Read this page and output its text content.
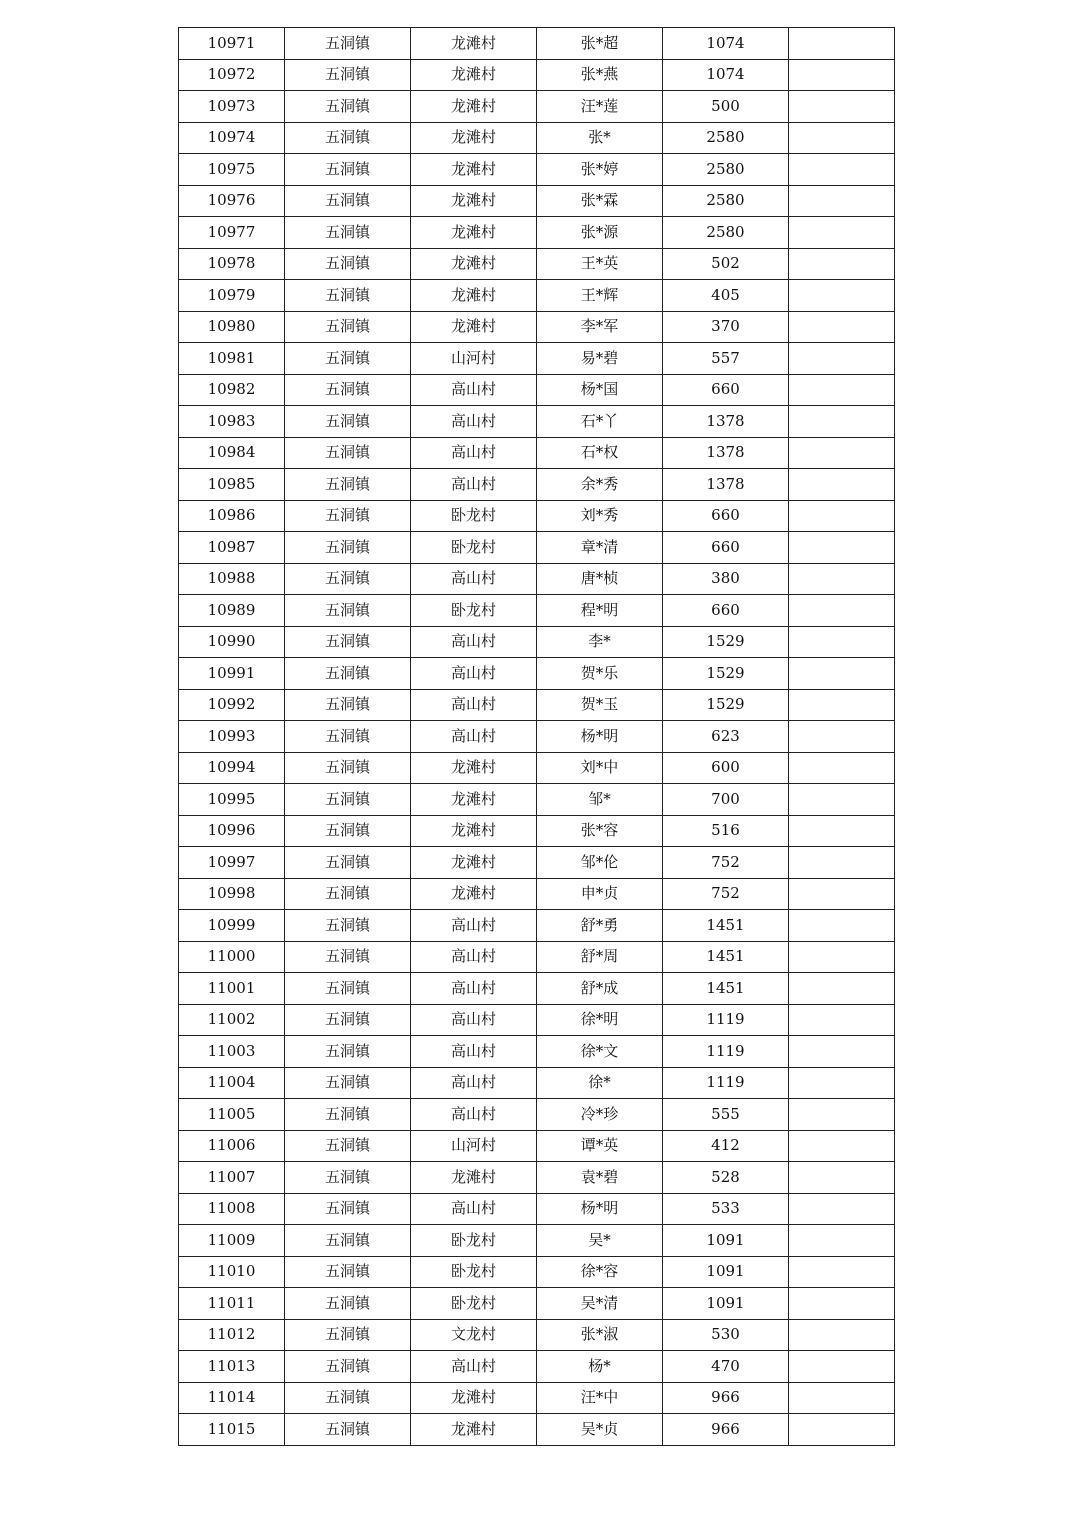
10971	五洞镇	龙滩村	张*超	1074	
10972	五洞镇	龙滩村	张*燕	1074	
10973	五洞镇	龙滩村	汪*莲	500	
10974	五洞镇	龙滩村	张*	2580	
10975	五洞镇	龙滩村	张*婷	2580	
10976	五洞镇	龙滩村	张*霖	2580	
10977	五洞镇	龙滩村	张*源	2580	
10978	五洞镇	龙滩村	王*英	502	
10979	五洞镇	龙滩村	王*辉	405	
10980	五洞镇	龙滩村	李*军	370	
10981	五洞镇	山河村	易*碧	557	
10982	五洞镇	高山村	杨*国	660	
10983	五洞镇	高山村	石*丫	1378	
10984	五洞镇	高山村	石*权	1378	
10985	五洞镇	高山村	余*秀	1378	
10986	五洞镇	卧龙村	刘*秀	660	
10987	五洞镇	卧龙村	章*清	660	
10988	五洞镇	高山村	唐*桢	380	
10989	五洞镇	卧龙村	程*明	660	
10990	五洞镇	高山村	李*	1529	
10991	五洞镇	高山村	贺*乐	1529	
10992	五洞镇	高山村	贺*玉	1529	
10993	五洞镇	高山村	杨*明	623	
10994	五洞镇	龙滩村	刘*中	600	
10995	五洞镇	龙滩村	邹*	700	
10996	五洞镇	龙滩村	张*容	516	
10997	五洞镇	龙滩村	邹*伦	752	
10998	五洞镇	龙滩村	申*贞	752	
10999	五洞镇	高山村	舒*勇	1451	
11000	五洞镇	高山村	舒*周	1451	
11001	五洞镇	高山村	舒*成	1451	
11002	五洞镇	高山村	徐*明	1119	
11003	五洞镇	高山村	徐*文	1119	
11004	五洞镇	高山村	徐*	1119	
11005	五洞镇	高山村	冷*珍	555	
11006	五洞镇	山河村	谭*英	412	
11007	五洞镇	龙滩村	袁*碧	528	
11008	五洞镇	高山村	杨*明	533	
11009	五洞镇	卧龙村	吴*	1091	
11010	五洞镇	卧龙村	徐*容	1091	
11011	五洞镇	卧龙村	吴*清	1091	
11012	五洞镇	文龙村	张*淑	530	
11013	五洞镇	高山村	杨*	470	
11014	五洞镇	龙滩村	汪*中	966	
11015	五洞镇	龙滩村	吴*贞	966	
